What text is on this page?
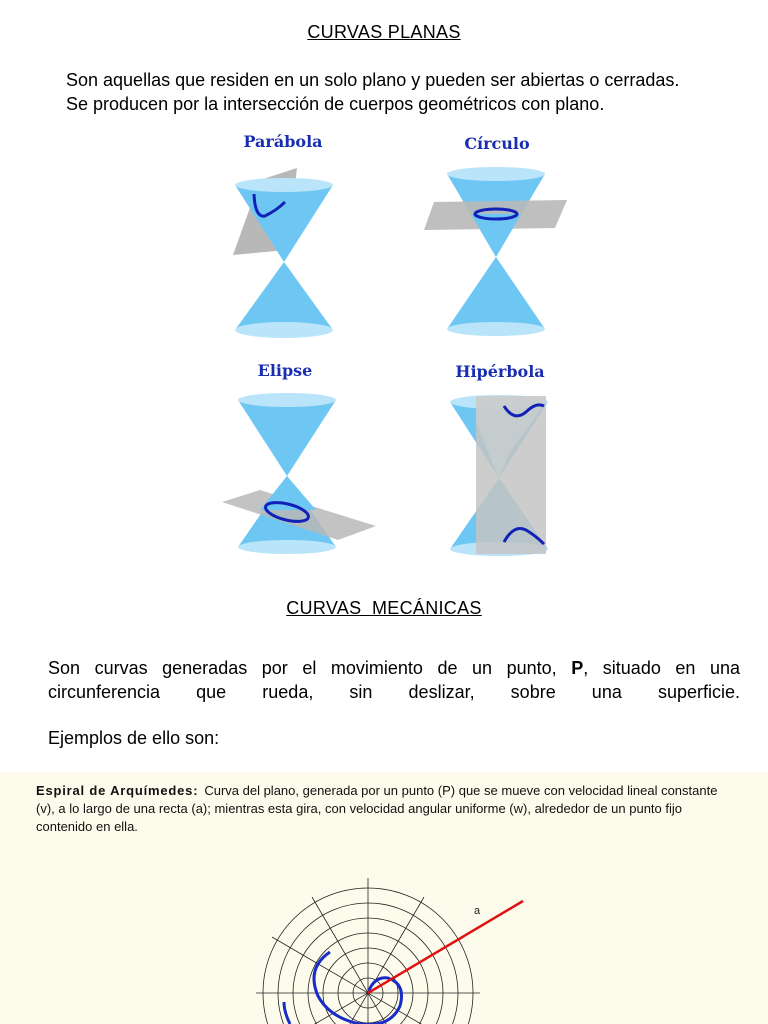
CURVAS PLANAS
Son aquellas que residen en un solo plano y pueden ser abiertas o cerradas.
Se producen por la intersección de cuerpos geométricos con plano.
Parábola	Círculo
Elipse	Hipérbola
CURVAS  MECÁNICAS
Son curvas generadas por el movimiento de un punto, P, situado en una
circunferencia que rueda, sin deslizar, sobre una superficie.
Ejemplos de ello son:
Espiral de Arquímedes: Curva del plano, generada por un punto (P) que se mueve con velocidad lineal constante (v), a lo largo de una recta (a); mientras esta gira, con velocidad angular uniforme (w), alrededor de un punto fijo contenido en ella.
a
